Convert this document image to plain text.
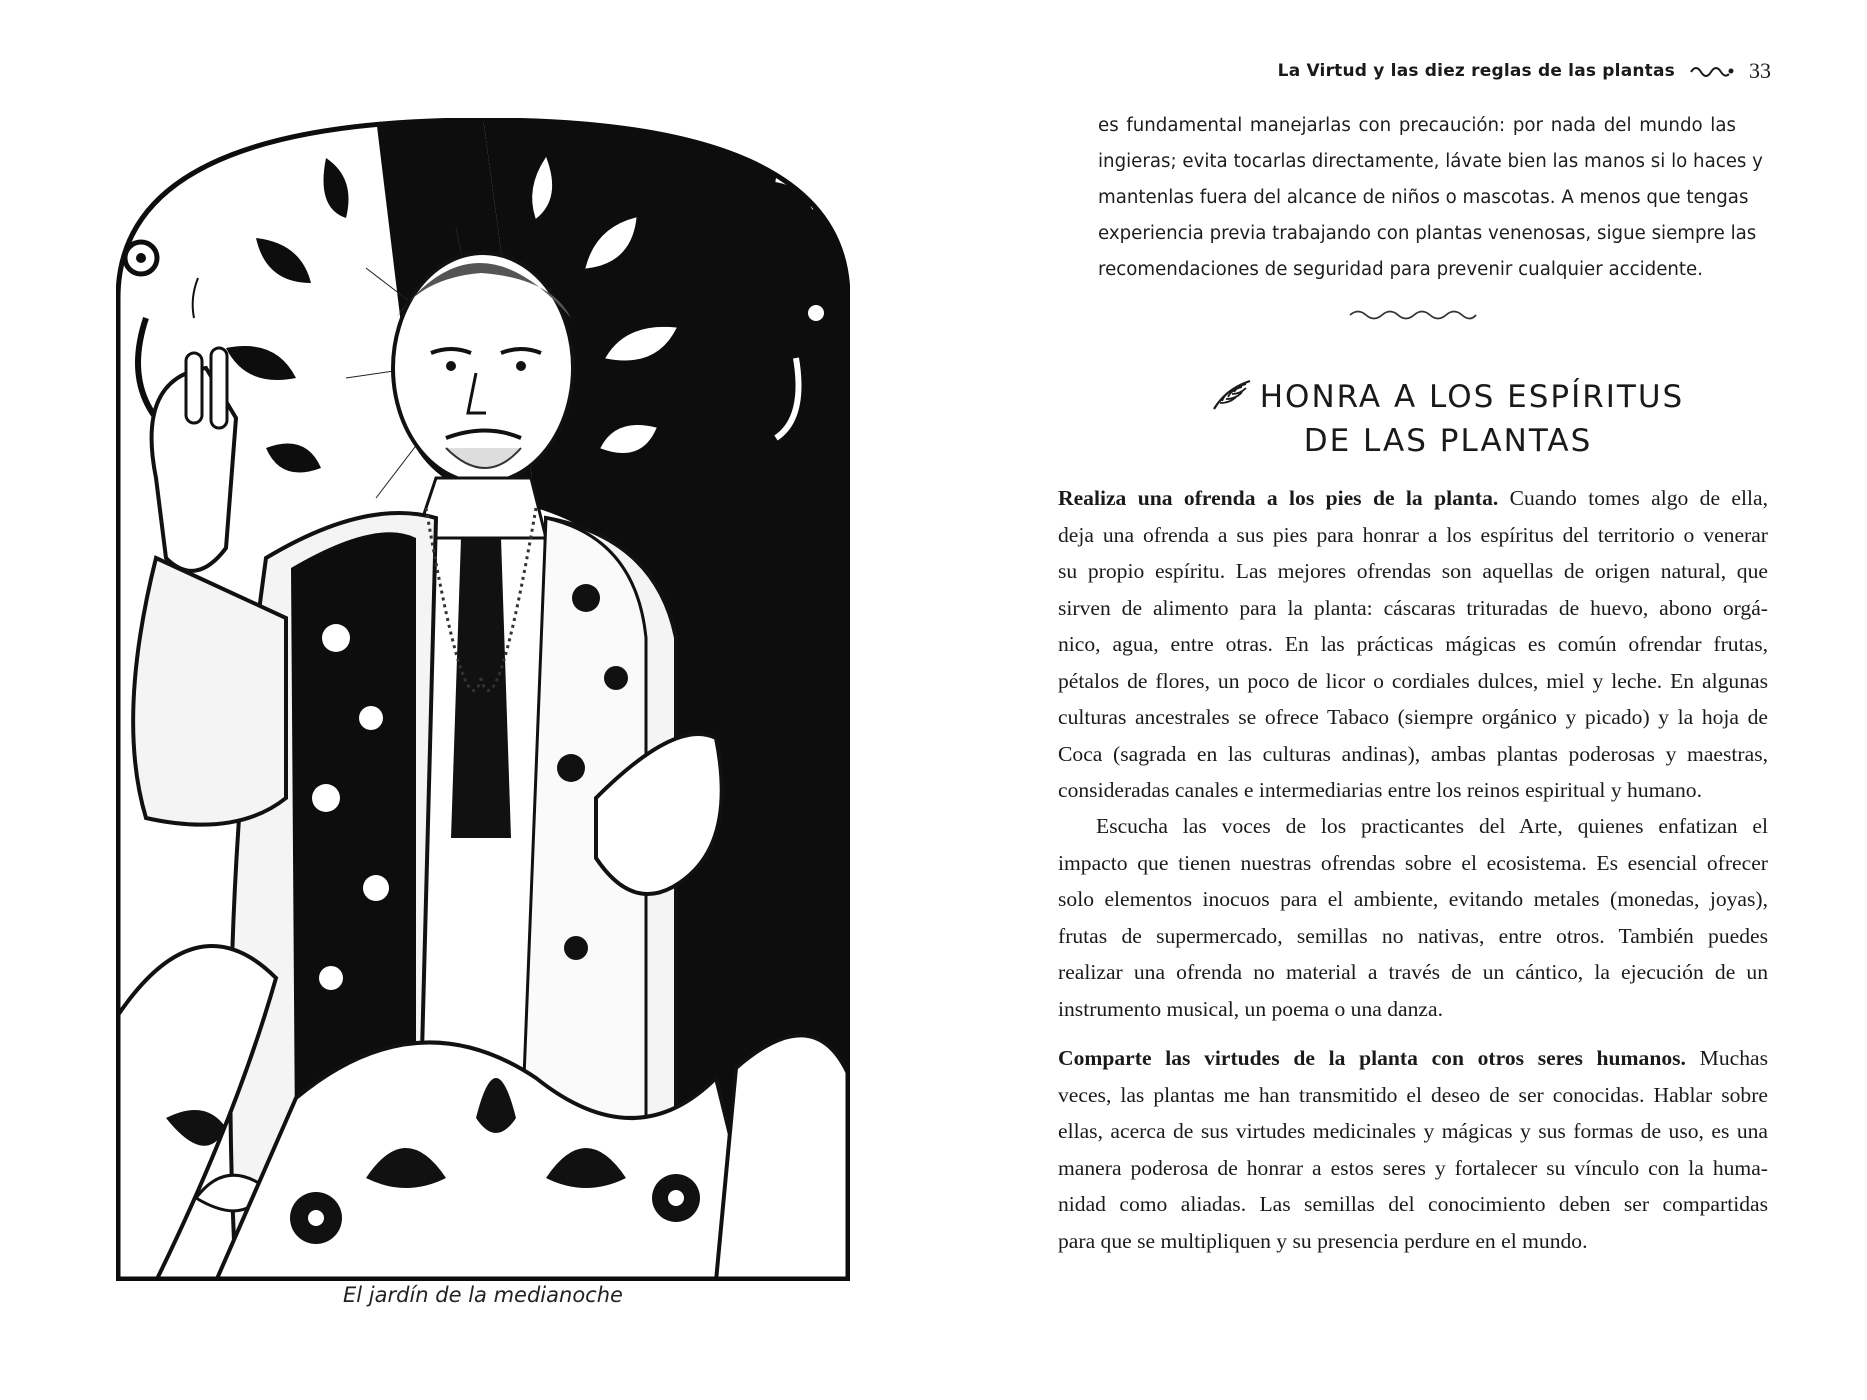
El jardín de la medianoche
La Virtud y las diez reglas de las plantas	33
es fundamental manejarlas con precaución: por nada del mundo las
ingieras; evita tocarlas directamente, lávate bien las manos si lo haces y
mantenlas fuera del alcance de niños o mascotas. A menos que tengas
experiencia previa trabajando con plantas venenosas, sigue siempre las
recomendaciones de seguridad para prevenir cualquier accidente.
HONRA A LOS ESPÍRITUS
DE LAS PLANTAS
Realiza una ofrenda a los pies de la planta. Cuando tomes algo de ella,
deja una ofrenda a sus pies para honrar a los espíritus del territorio o venerar
su propio espíritu. Las mejores ofrendas son aquellas de origen natural, que
sirven de alimento para la planta: cáscaras trituradas de huevo, abono orgá-
nico, agua, entre otras. En las prácticas mágicas es común ofrendar frutas,
pétalos de flores, un poco de licor o cordiales dulces, miel y leche. En algunas
culturas ancestrales se ofrece Tabaco (siempre orgánico y picado) y la hoja de
Coca (sagrada en las culturas andinas), ambas plantas poderosas y maestras,
consideradas canales e intermediarias entre los reinos espiritual y humano.
Escucha las voces de los practicantes del Arte, quienes enfatizan el
impacto que tienen nuestras ofrendas sobre el ecosistema. Es esencial ofrecer
solo elementos inocuos para el ambiente, evitando metales (monedas, joyas),
frutas de supermercado, semillas no nativas, entre otros. También puedes
realizar una ofrenda no material a través de un cántico, la ejecución de un
instrumento musical, un poema o una danza.
Comparte las virtudes de la planta con otros seres humanos. Muchas
veces, las plantas me han transmitido el deseo de ser conocidas. Hablar sobre
ellas, acerca de sus virtudes medicinales y mágicas y sus formas de uso, es una
manera poderosa de honrar a estos seres y fortalecer su vínculo con la huma-
nidad como aliadas. Las semillas del conocimiento deben ser compartidas
para que se multipliquen y su presencia perdure en el mundo.
